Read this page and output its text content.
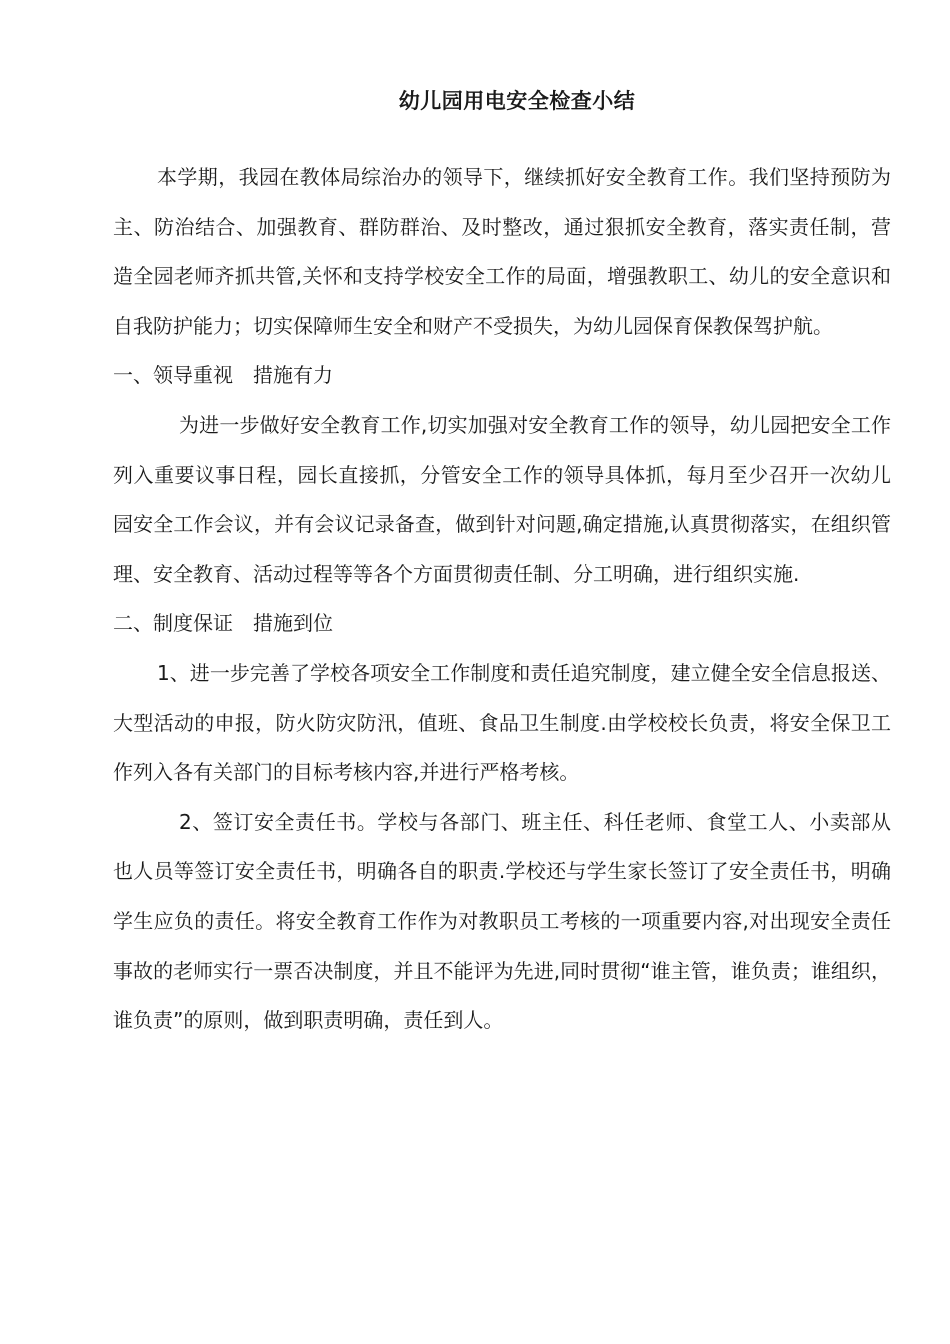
幼儿园用电安全检查小结

本学期，我园在教体局综治办的领导下，继续抓好安全教育工作。我们坚持预防为主、防治结合、加强教育、群防群治、及时整改，通过狠抓安全教育，落实责任制，营造全园老师齐抓共管,关怀和支持学校安全工作的局面，增强教职工、幼儿的安全意识和自我防护能力；切实保障师生安全和财产不受损失，为幼儿园保育保教保驾护航。

一、领导重视　措施有力

为进一步做好安全教育工作,切实加强对安全教育工作的领导，幼儿园把安全工作列入重要议事日程，园长直接抓，分管安全工作的领导具体抓，每月至少召开一次幼儿园安全工作会议，并有会议记录备查，做到针对问题,确定措施,认真贯彻落实，在组织管理、安全教育、活动过程等等各个方面贯彻责任制、分工明确，进行组织实施.

二、制度保证　措施到位

1、进一步完善了学校各项安全工作制度和责任追究制度，建立健全安全信息报送、大型活动的申报，防火防灾防汛，值班、食品卫生制度.由学校校长负责，将安全保卫工作列入各有关部门的目标考核内容,并进行严格考核。

2、签订安全责任书。学校与各部门、班主任、科任老师、食堂工人、小卖部从也人员等签订安全责任书，明确各自的职责.学校还与学生家长签订了安全责任书，明确学生应负的责任。将安全教育工作作为对教职员工考核的一项重要内容,对出现安全责任事故的老师实行一票否决制度，并且不能评为先进,同时贯彻“谁主管，谁负责；谁组织，谁负责”的原则，做到职责明确，责任到人。
